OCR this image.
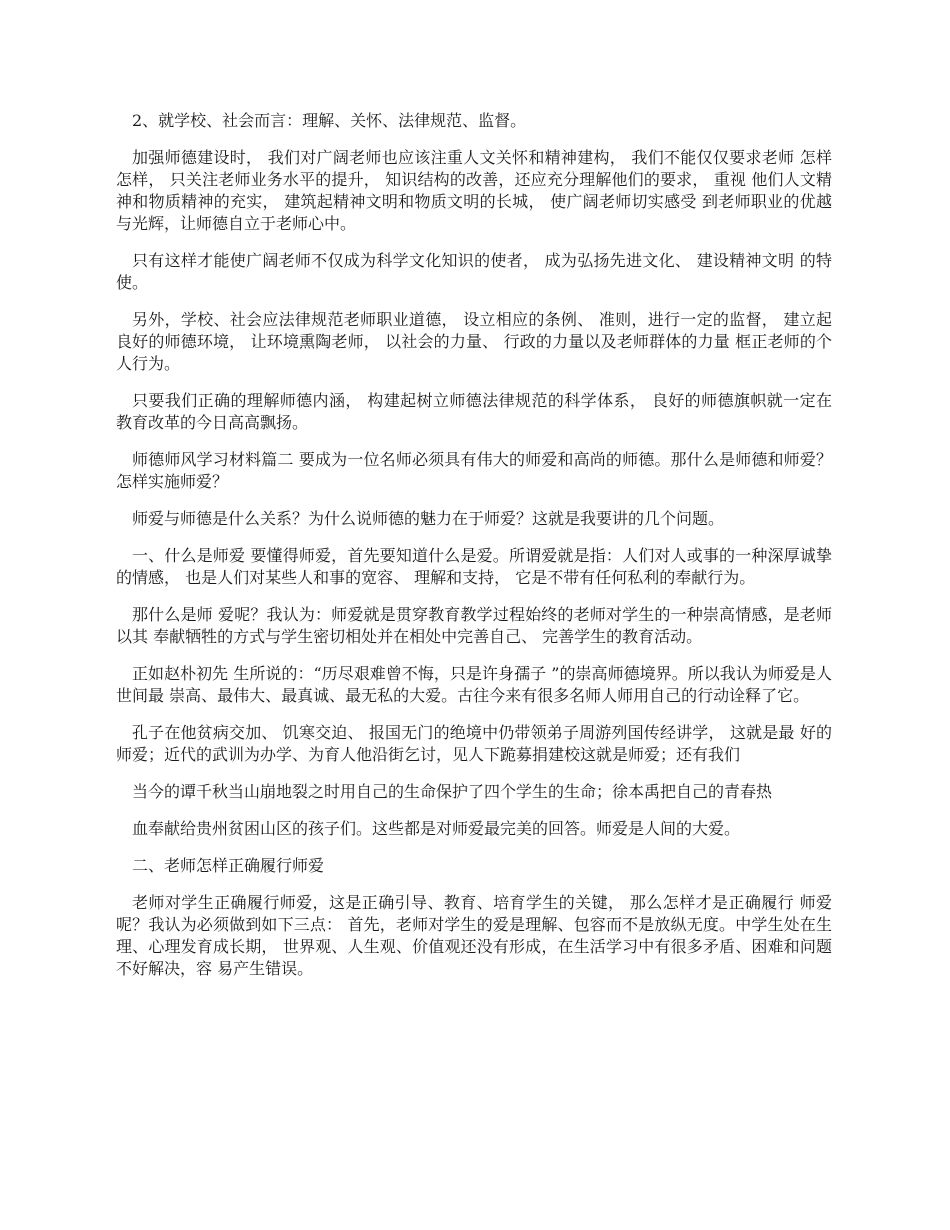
2、就学校、社会而言：理解、关怀、法律规范、监督。

加强师德建设时， 我们对广阔老师也应该注重人文关怀和精神建构， 我们不能仅仅要求老师 怎样怎样， 只关注老师业务水平的提升， 知识结构的改善，还应充分理解他们的要求， 重视 他们人文精神和物质精神的充实， 建筑起精神文明和物质文明的长城， 使广阔老师切实感受 到老师职业的优越与光辉，让师德自立于老师心中。

只有这样才能使广阔老师不仅成为科学文化知识的使者， 成为弘扬先进文化、 建设精神文明 的特使。

另外，学校、社会应法律规范老师职业道德， 设立相应的条例、 准则，进行一定的监督， 建立起良好的师德环境， 让环境熏陶老师， 以社会的力量、 行政的力量以及老师群体的力量 框正老师的个人行为。

只要我们正确的理解师德内涵， 构建起树立师德法律规范的科学体系， 良好的师德旗帜就一定在 教育改革的今日高高飘扬。

师德师风学习材料篇二 要成为一位名师必须具有伟大的师爱和高尚的师德。那什么是师德和师爱？怎样实施师爱？

师爱与师德是什么关系？为什么说师德的魅力在于师爱？这就是我要讲的几个问题。

一、什么是师爱 要懂得师爱，首先要知道什么是爱。所谓爱就是指：人们对人或事的一种深厚诚挚的情感， 也是人们对某些人和事的宽容、 理解和支持， 它是不带有任何私利的奉献行为。

那什么是师 爱呢？我认为：师爱就是贯穿教育教学过程始终的老师对学生的一种崇高情感，是老师以其 奉献牺牲的方式与学生密切相处并在相处中完善自己、 完善学生的教育活动。

正如赵朴初先 生所说的：“历尽艰难曾不悔，只是许身孺子 ”的崇高师德境界。所以我认为师爱是人世间最 崇高、最伟大、最真诚、最无私的大爱。古往今来有很多名师人师用自己的行动诠释了它。

孔子在他贫病交加、 饥寒交迫、 报国无门的绝境中仍带领弟子周游列国传经讲学， 这就是最 好的师爱；近代的武训为办学、为育人他沿街乞讨，见人下跪募捐建校这就是师爱；还有我们

当今的谭千秋当山崩地裂之时用自己的生命保护了四个学生的生命；徐本禹把自己的青春热

血奉献给贵州贫困山区的孩子们。这些都是对师爱最完美的回答。师爱是人间的大爱。

二、老师怎样正确履行师爱

老师对学生正确履行师爱，这是正确引导、教育、培育学生的关键， 那么怎样才是正确履行 师爱呢？我认为必须做到如下三点： 首先，老师对学生的爱是理解、包容而不是放纵无度。中学生处在生理、心理发育成长期， 世界观、人生观、价值观还没有形成，在生活学习中有很多矛盾、困难和问题不好解决，容 易产生错误。
